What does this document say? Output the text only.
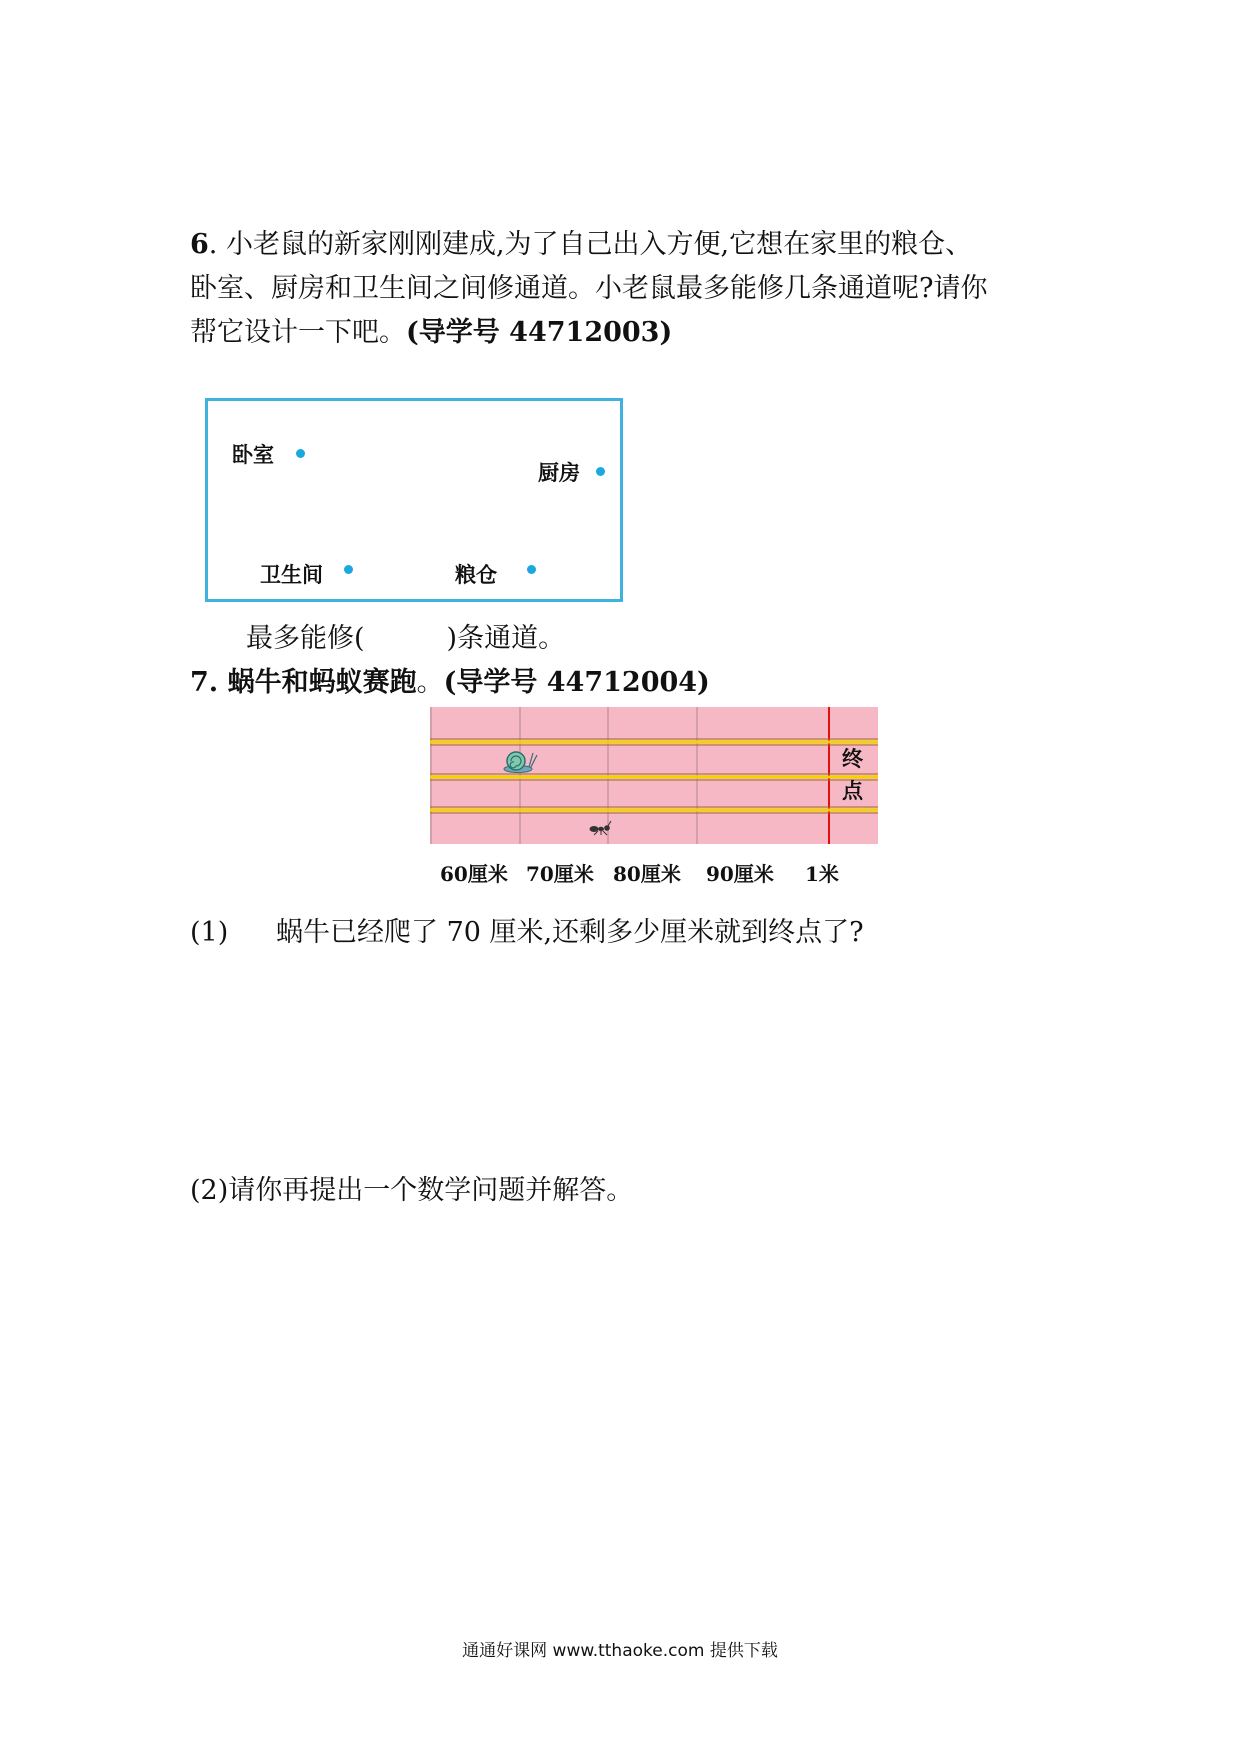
6. 小老鼠的新家刚刚建成,为了自己出入方便,它想在家里的粮仓、
卧室、厨房和卫生间之间修通道。小老鼠最多能修几条通道呢?请你
帮它设计一下吧。(导学号 44712003)
卧室
厨房
卫生间	粮仓
最多能修(	)条通道。
7. 蜗牛和蚂蚁赛跑。(导学号 44712004)
终
点
60厘米 70厘米 80厘米 90厘米 1米
(1) 蜗牛已经爬了 70 厘米,还剩多少厘米就到终点了?
(2)请你再提出一个数学问题并解答。
通通好课网 www.tthaoke.com 提供下载
